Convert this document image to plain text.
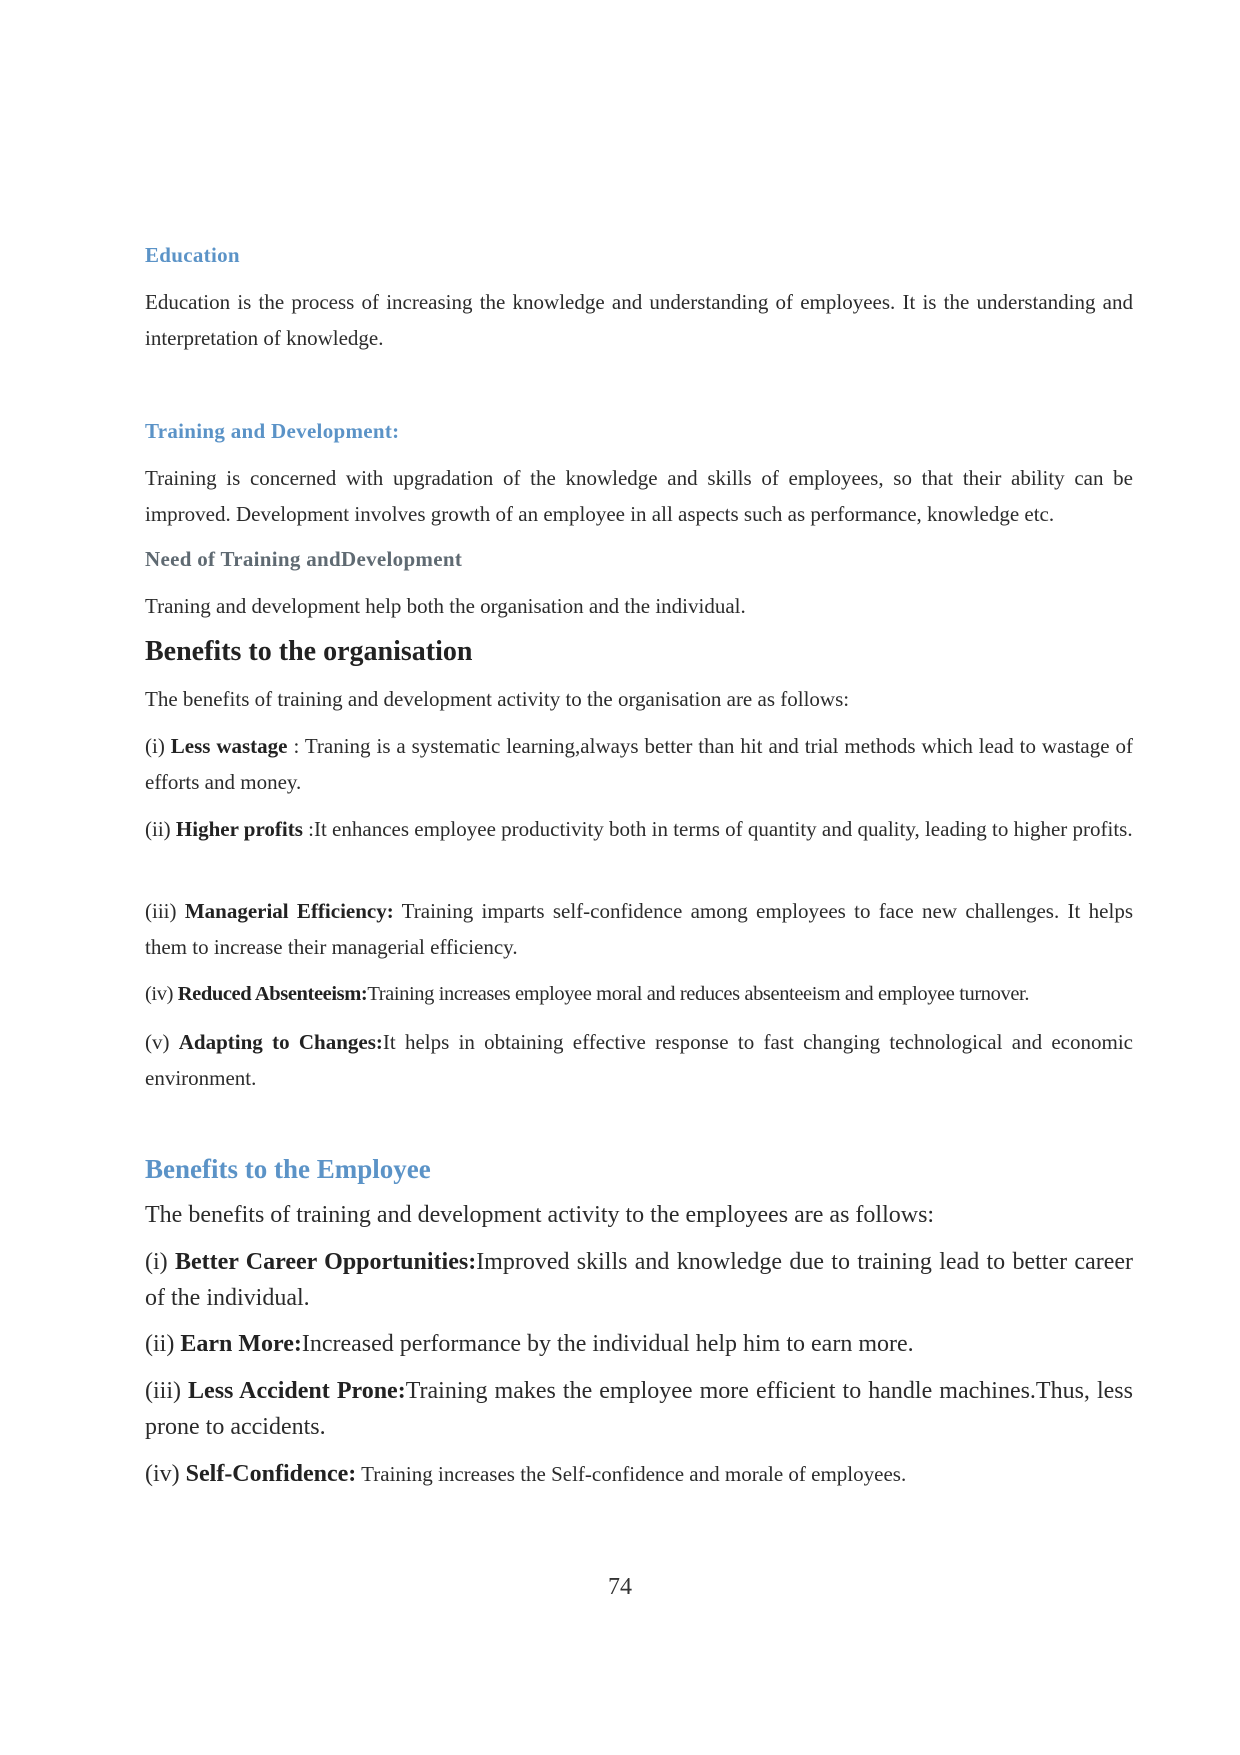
Education

Education is the process of increasing the knowledge and understanding of employees. It is the understanding and interpretation of knowledge.

Training and Development:

Training is concerned with upgradation of the knowledge and skills of employees, so that their ability can be improved. Development involves growth of an employee in all aspects such as performance, knowledge etc.

Need of Training andDevelopment

Traning and development help both the organisation and the individual.

Benefits to the organisation

The benefits of training and development activity to the organisation are as follows:

(i) Less wastage : Traning is a systematic learning,always better than hit and trial methods which lead to wastage of efforts and money.

(ii) Higher profits :It enhances employee productivity both in terms of quantity and quality, leading to higher profits.

(iii) Managerial Efficiency: Training imparts self-confidence among employees to face new challenges. It helps them to increase their managerial efficiency.

(iv) Reduced Absenteeism:Training increases employee moral and reduces absenteeism and employee turnover.

(v) Adapting to Changes:It helps in obtaining effective response to fast changing technological and economic environment.

Benefits to the Employee

The benefits of training and development activity to the employees are as follows:

(i) Better Career Opportunities:Improved skills and knowledge due to training lead to better career of the individual.

(ii) Earn More:Increased performance by the individual help him to earn more.

(iii) Less Accident Prone:Training makes the employee more efficient to handle machines.Thus, less prone to accidents.

(iv) Self-Confidence: Training increases the Self-confidence and morale of employees.

74
